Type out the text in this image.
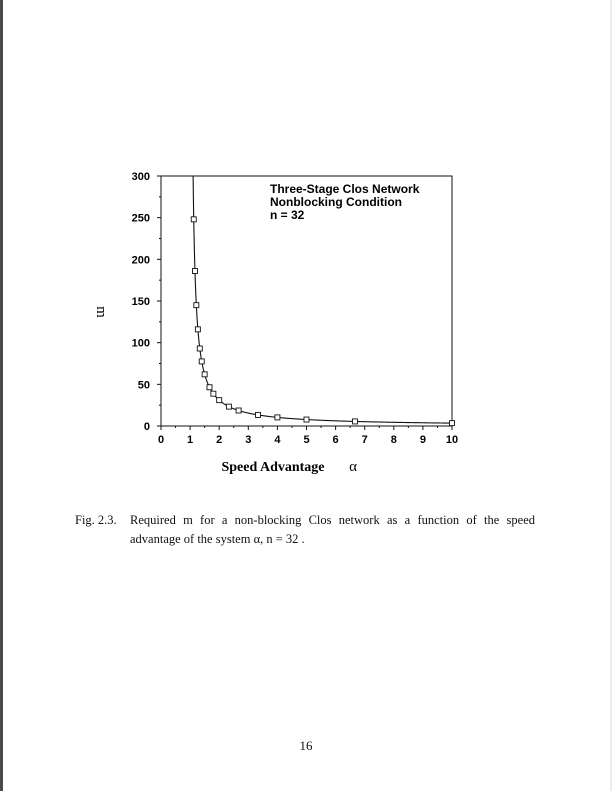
0 1 2 3 4 5 6 7 8 9 10
0
50
100
150
200
250
300
Three-Stage Clos Network
Nonblocking Condition
n = 32
m
Speed Advantage α
Fig. 2.3. Required m for a non-blocking Clos network as a function of the speed advantage of the system α, n = 32 .
16
